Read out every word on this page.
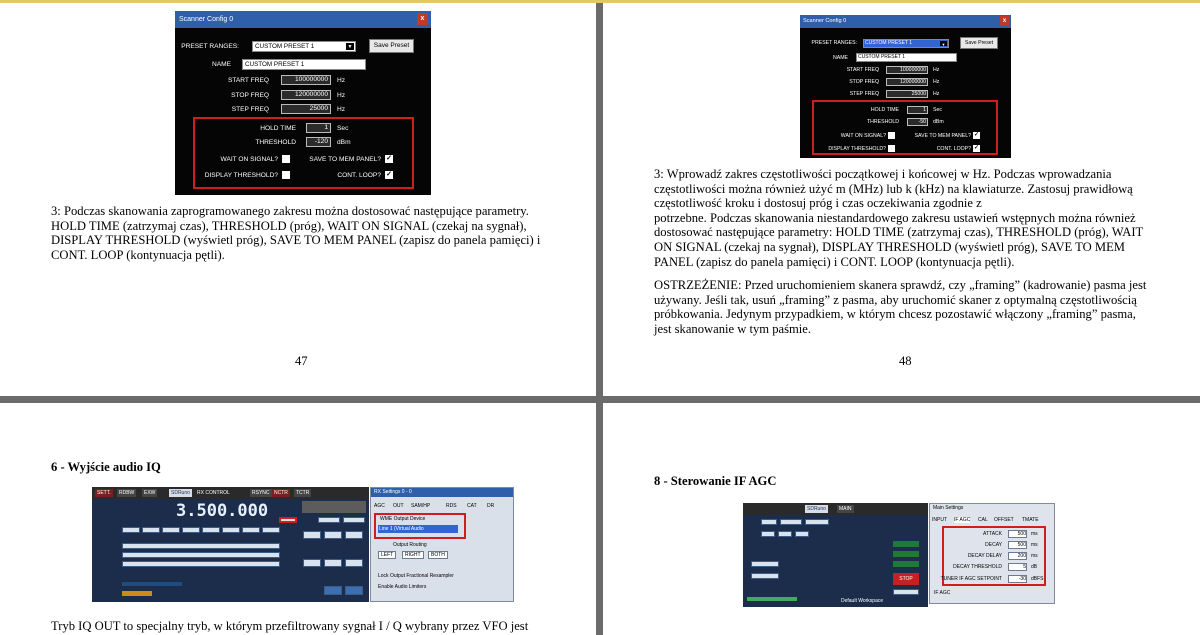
Scanner Config 0	x
PRESET RANGES:	CUSTOM PRESET 1	▼	Save Preset
NAME	CUSTOM PRESET 1
START FREQ	100000000	Hz
STOP FREQ	120000000	Hz
STEP FREQ	25000	Hz
HOLD TIME	1	Sec
THRESHOLD	-120	dBm
WAIT ON SIGNAL?	SAVE TO MEM PANEL? ✓
DISPLAY THRESHOLD?	CONT. LOOP? ✓
3: Podczas skanowania zaprogramowanego zakresu można dostosować następujące parametry. HOLD TIME (zatrzymaj czas), THRESHOLD (próg), WAIT ON SIGNAL (czekaj na sygnał), DISPLAY THRESHOLD (wyświetl próg), SAVE TO MEM PANEL (zapisz do panela pamięci) i CONT. LOOP (kontynuacja pętli).
47
Scanner Config 0	x
PRESET RANGES:	CUSTOM PRESET 1	▼	Save Preset
NAME	CUSTOM PRESET 1
START FREQ	100000000	Hz
STOP FREQ	120000000	Hz
STEP FREQ	25000	Hz
HOLD TIME	1	Sec
THRESHOLD	-50	dBm
WAIT ON SIGNAL?	SAVE TO MEM PANEL? ✓
DISPLAY THRESHOLD?	CONT. LOOP? ✓
3: Wprowadź zakres częstotliwości początkowej i końcowej w Hz. Podczas wprowadzania częstotliwości można również użyć m (MHz) lub k (kHz) na klawiaturze. Zastosuj prawidłową częstotliwość kroku i dostosuj próg i czas oczekiwania zgodnie z
potrzebne. Podczas skanowania niestandardowego zakresu ustawień wstępnych można również dostosować następujące parametry: HOLD TIME (zatrzymaj czas), THRESHOLD (próg), WAIT ON SIGNAL (czekaj na sygnał), DISPLAY THRESHOLD (wyświetl próg), SAVE TO MEM PANEL (zapisz do panela pamięci) i CONT. LOOP (kontynuacja pętli).
OSTRZEŻENIE: Przed uruchomieniem skanera sprawdź, czy „framing” (kadrowanie) pasma jest używany. Jeśli tak, usuń „framing” z pasma, aby uruchomić skaner z optymalną częstotliwością próbkowania. Jedynym przypadkiem, w którym chcesz pozostawić włączony „framing” pasma, jest skanowanie w tym paśmie.
48
6 - Wyjście audio IQ
SETT.	RDBW	EXW	SDRuno	RX CONTROL	RSYNC NCTR	TCTR
3.500.000
RX Settings 0 - 0
AGC OUT SAM/HP	RDS CAT DR
WME Output Device
Line 1 (Virtual Audio
Output Routing
LEFT	RIGHT	BOTH
Lock Output Fractional Resampler
Enable Audio Limiters
Tryb IQ OUT to specjalny tryb, w którym przefiltrowany sygnał I / Q wybrany przez VFO jest
8 - Sterowanie IF AGC
SDRuno	MAIN
STOP
Default Workspace
Main Settings
INPUT IF AGC CAL OFFSET TMATE
ATTACK	500 ms
DECAY	500 ms
DECAY DELAY	200 ms
DECAY THRESHOLD	5 dB
TUNER IF AGC SETPOINT	-30 dBFS
IF AGC
